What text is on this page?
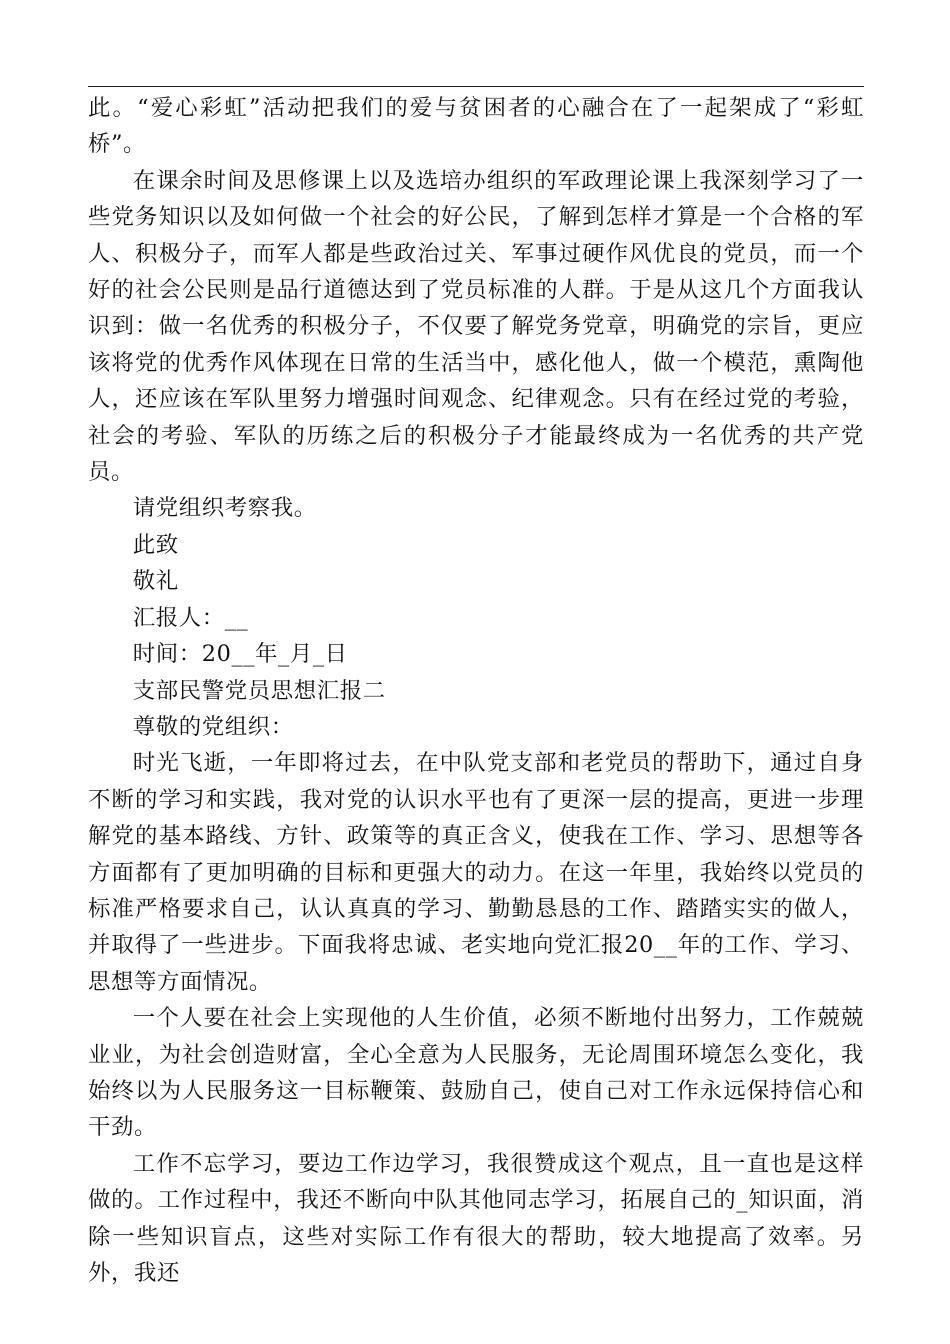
此。“爱心彩虹”活动把我们的爱与贫困者的心融合在了一起架成了“彩虹桥”。

在课余时间及思修课上以及选培办组织的军政理论课上我深刻学习了一些党务知识以及如何做一个社会的好公民，了解到怎样才算是一个合格的军人、积极分子，而军人都是些政治过关、军事过硬作风优良的党员，而一个好的社会公民则是品行道德达到了党员标准的人群。于是从这几个方面我认识到：做一名优秀的积极分子，不仅要了解党务党章，明确党的宗旨，更应该将党的优秀作风体现在日常的生活当中，感化他人，做一个模范，熏陶他人，还应该在军队里努力增强时间观念、纪律观念。只有在经过党的考验，社会的考验、军队的历练之后的积极分子才能最终成为一名优秀的共产党员。

请党组织考察我。

此致

敬礼

汇报人：__

时间：20__年_月_日

支部民警党员思想汇报二

尊敬的党组织：

时光飞逝，一年即将过去，在中队党支部和老党员的帮助下，通过自身不断的学习和实践，我对党的认识水平也有了更深一层的提高，更进一步理解党的基本路线、方针、政策等的真正含义，使我在工作、学习、思想等各方面都有了更加明确的目标和更强大的动力。在这一年里，我始终以党员的标准严格要求自己，认认真真的学习、勤勤恳恳的工作、踏踏实实的做人，并取得了一些进步。下面我将忠诚、老实地向党汇报20__年的工作、学习、思想等方面情况。

一个人要在社会上实现他的人生价值，必须不断地付出努力，工作兢兢业业，为社会创造财富，全心全意为人民服务，无论周围环境怎么变化，我始终以为人民服务这一目标鞭策、鼓励自己，使自己对工作永远保持信心和干劲。

工作不忘学习，要边工作边学习，我很赞成这个观点，且一直也是这样做的。工作过程中，我还不断向中队其他同志学习，拓展自己的_知识面，消除一些知识盲点，这些对实际工作有很大的帮助，较大地提高了效率。另外，我还
